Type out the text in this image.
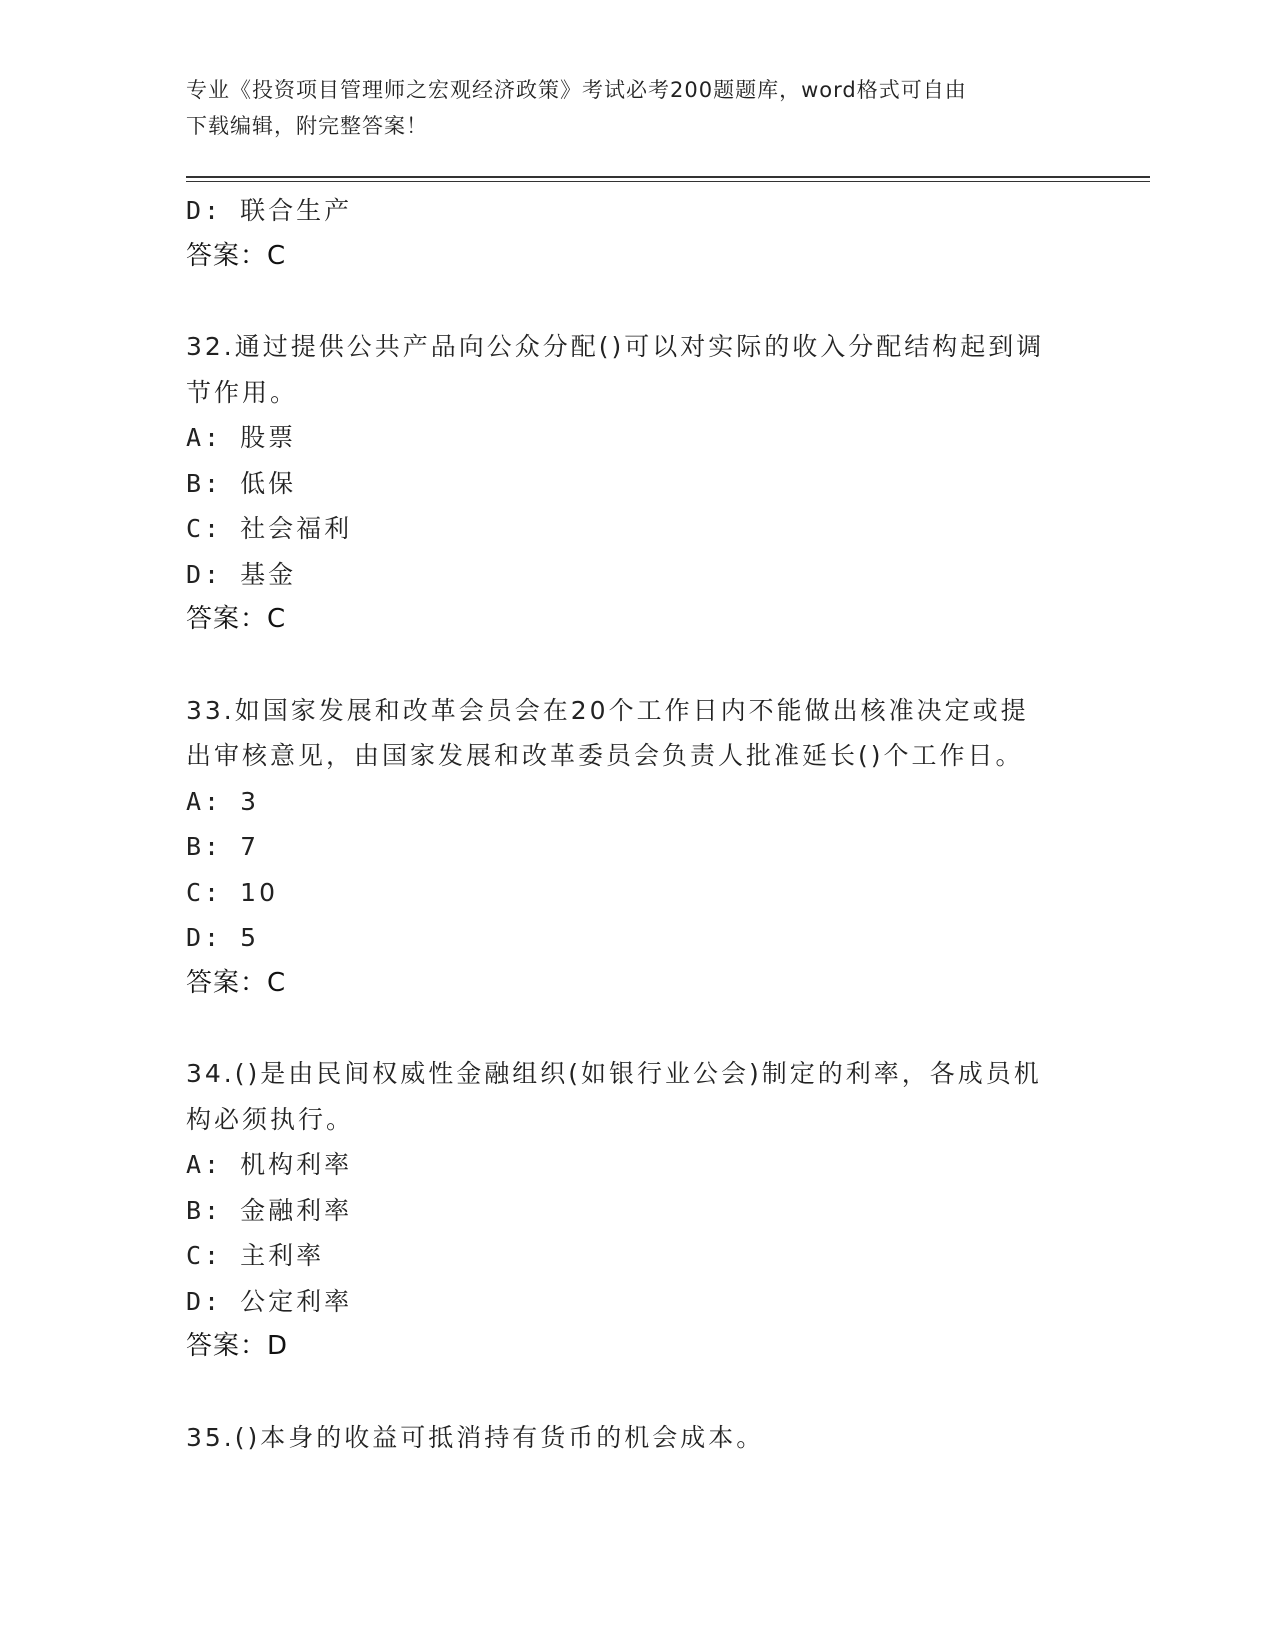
专业《投资项目管理师之宏观经济政策》考试必考200题题库，word格式可自由
下载编辑，附完整答案！
D: 联合生产
答案：C
32.通过提供公共产品向公众分配()可以对实际的收入分配结构起到调
节作用。
A: 股票
B: 低保
C: 社会福利
D: 基金
答案：C
33.如国家发展和改革会员会在20个工作日内不能做出核准决定或提
出审核意见，由国家发展和改革委员会负责人批准延长()个工作日。
A: 3
B: 7
C: 10
D: 5
答案：C
34.()是由民间权威性金融组织(如银行业公会)制定的利率，各成员机
构必须执行。
A: 机构利率
B: 金融利率
C: 主利率
D: 公定利率
答案：D
35.()本身的收益可抵消持有货币的机会成本。
